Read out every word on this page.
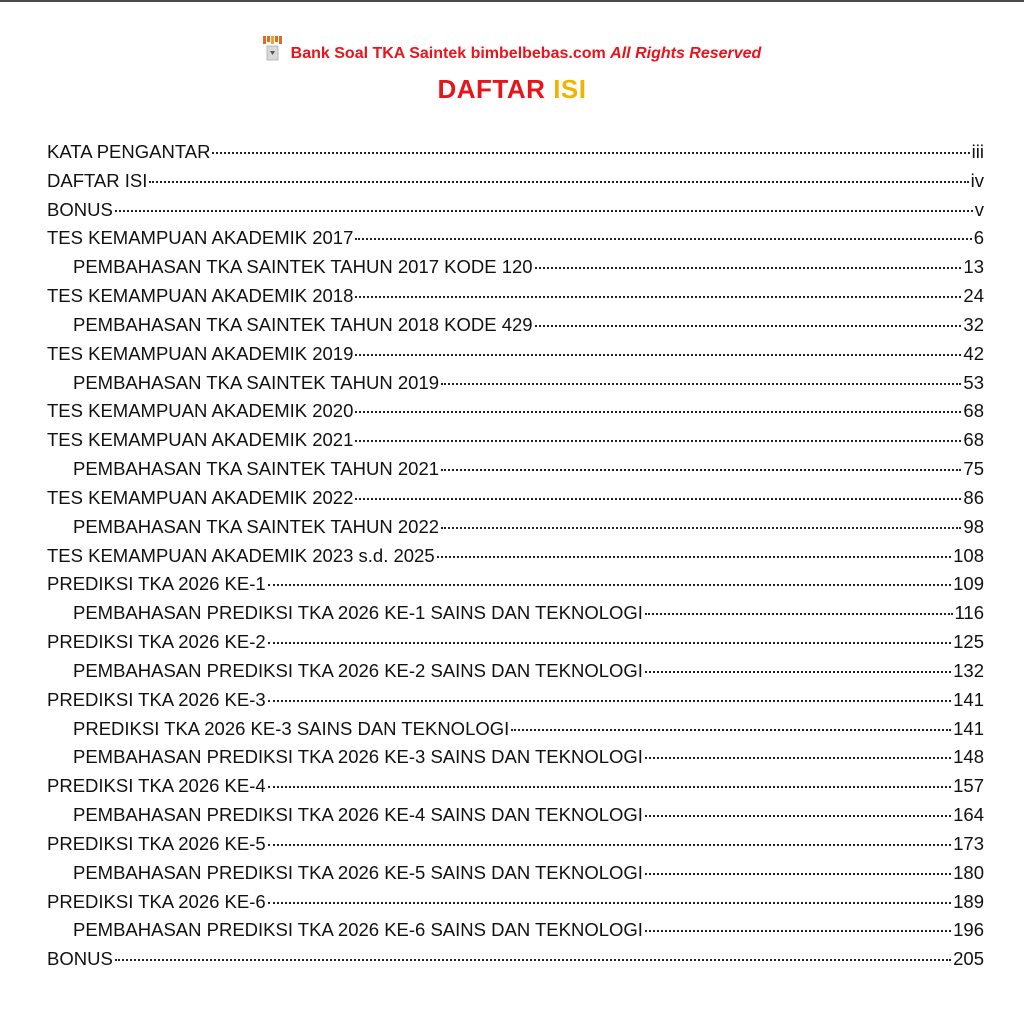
Bank Soal TKA Saintek bimbelbebas.com All Rights Reserved
DAFTAR ISI
KATA PENGANTAR	iii
DAFTAR ISI	iv
BONUS	v
TES KEMAMPUAN AKADEMIK 2017	6
PEMBAHASAN TKA SAINTEK TAHUN 2017 KODE 120	13
TES KEMAMPUAN AKADEMIK 2018	24
PEMBAHASAN TKA SAINTEK TAHUN 2018 KODE 429	32
TES KEMAMPUAN AKADEMIK 2019	42
PEMBAHASAN TKA SAINTEK TAHUN 2019	53
TES KEMAMPUAN AKADEMIK 2020	68
TES KEMAMPUAN AKADEMIK 2021	68
PEMBAHASAN TKA SAINTEK TAHUN 2021	75
TES KEMAMPUAN AKADEMIK 2022	86
PEMBAHASAN TKA SAINTEK TAHUN 2022	98
TES KEMAMPUAN AKADEMIK 2023 s.d. 2025	108
PREDIKSI TKA 2026 KE-1	109
PEMBAHASAN PREDIKSI TKA 2026 KE-1 SAINS DAN TEKNOLOGI	116
PREDIKSI TKA 2026 KE-2	125
PEMBAHASAN PREDIKSI TKA 2026 KE-2 SAINS DAN TEKNOLOGI	132
PREDIKSI TKA 2026 KE-3	141
PREDIKSI TKA 2026 KE-3 SAINS DAN TEKNOLOGI	141
PEMBAHASAN PREDIKSI TKA 2026 KE-3 SAINS DAN TEKNOLOGI	148
PREDIKSI TKA 2026 KE-4	157
PEMBAHASAN PREDIKSI TKA 2026 KE-4 SAINS DAN TEKNOLOGI	164
PREDIKSI TKA 2026 KE-5	173
PEMBAHASAN PREDIKSI TKA 2026 KE-5 SAINS DAN TEKNOLOGI	180
PREDIKSI TKA 2026 KE-6	189
PEMBAHASAN PREDIKSI TKA 2026 KE-6 SAINS DAN TEKNOLOGI	196
BONUS	205
